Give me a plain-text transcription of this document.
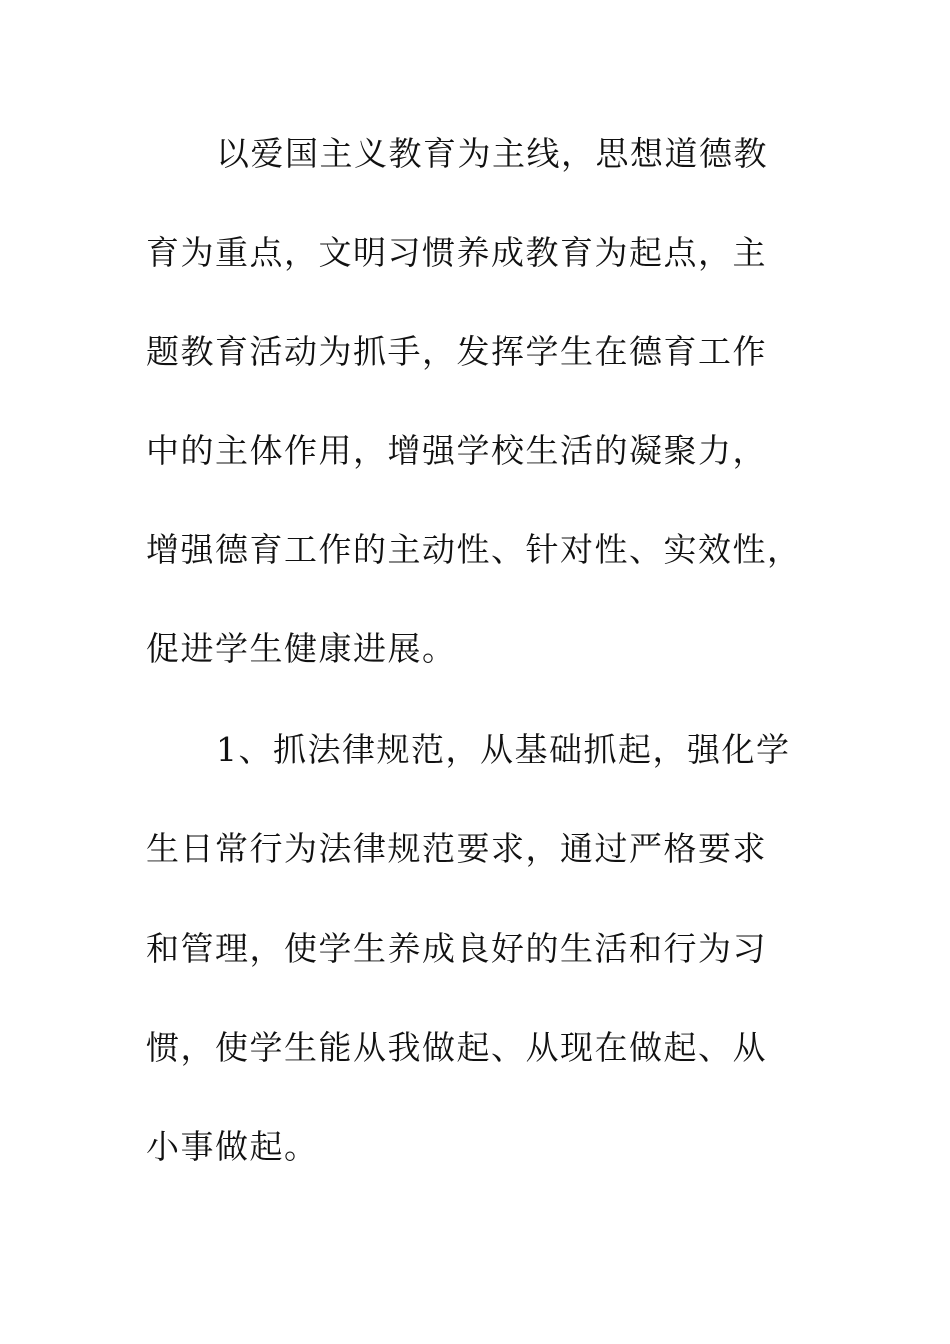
以爱国主义教育为主线，思想道德教
育为重点，文明习惯养成教育为起点，主
题教育活动为抓手，发挥学生在德育工作
中的主体作用，增强学校生活的凝聚力，
增强德育工作的主动性、针对性、实效性，
促进学生健康进展。
1、抓法律规范，从基础抓起，强化学
生日常行为法律规范要求，通过严格要求
和管理，使学生养成良好的生活和行为习
惯，使学生能从我做起、从现在做起、从
小事做起。
